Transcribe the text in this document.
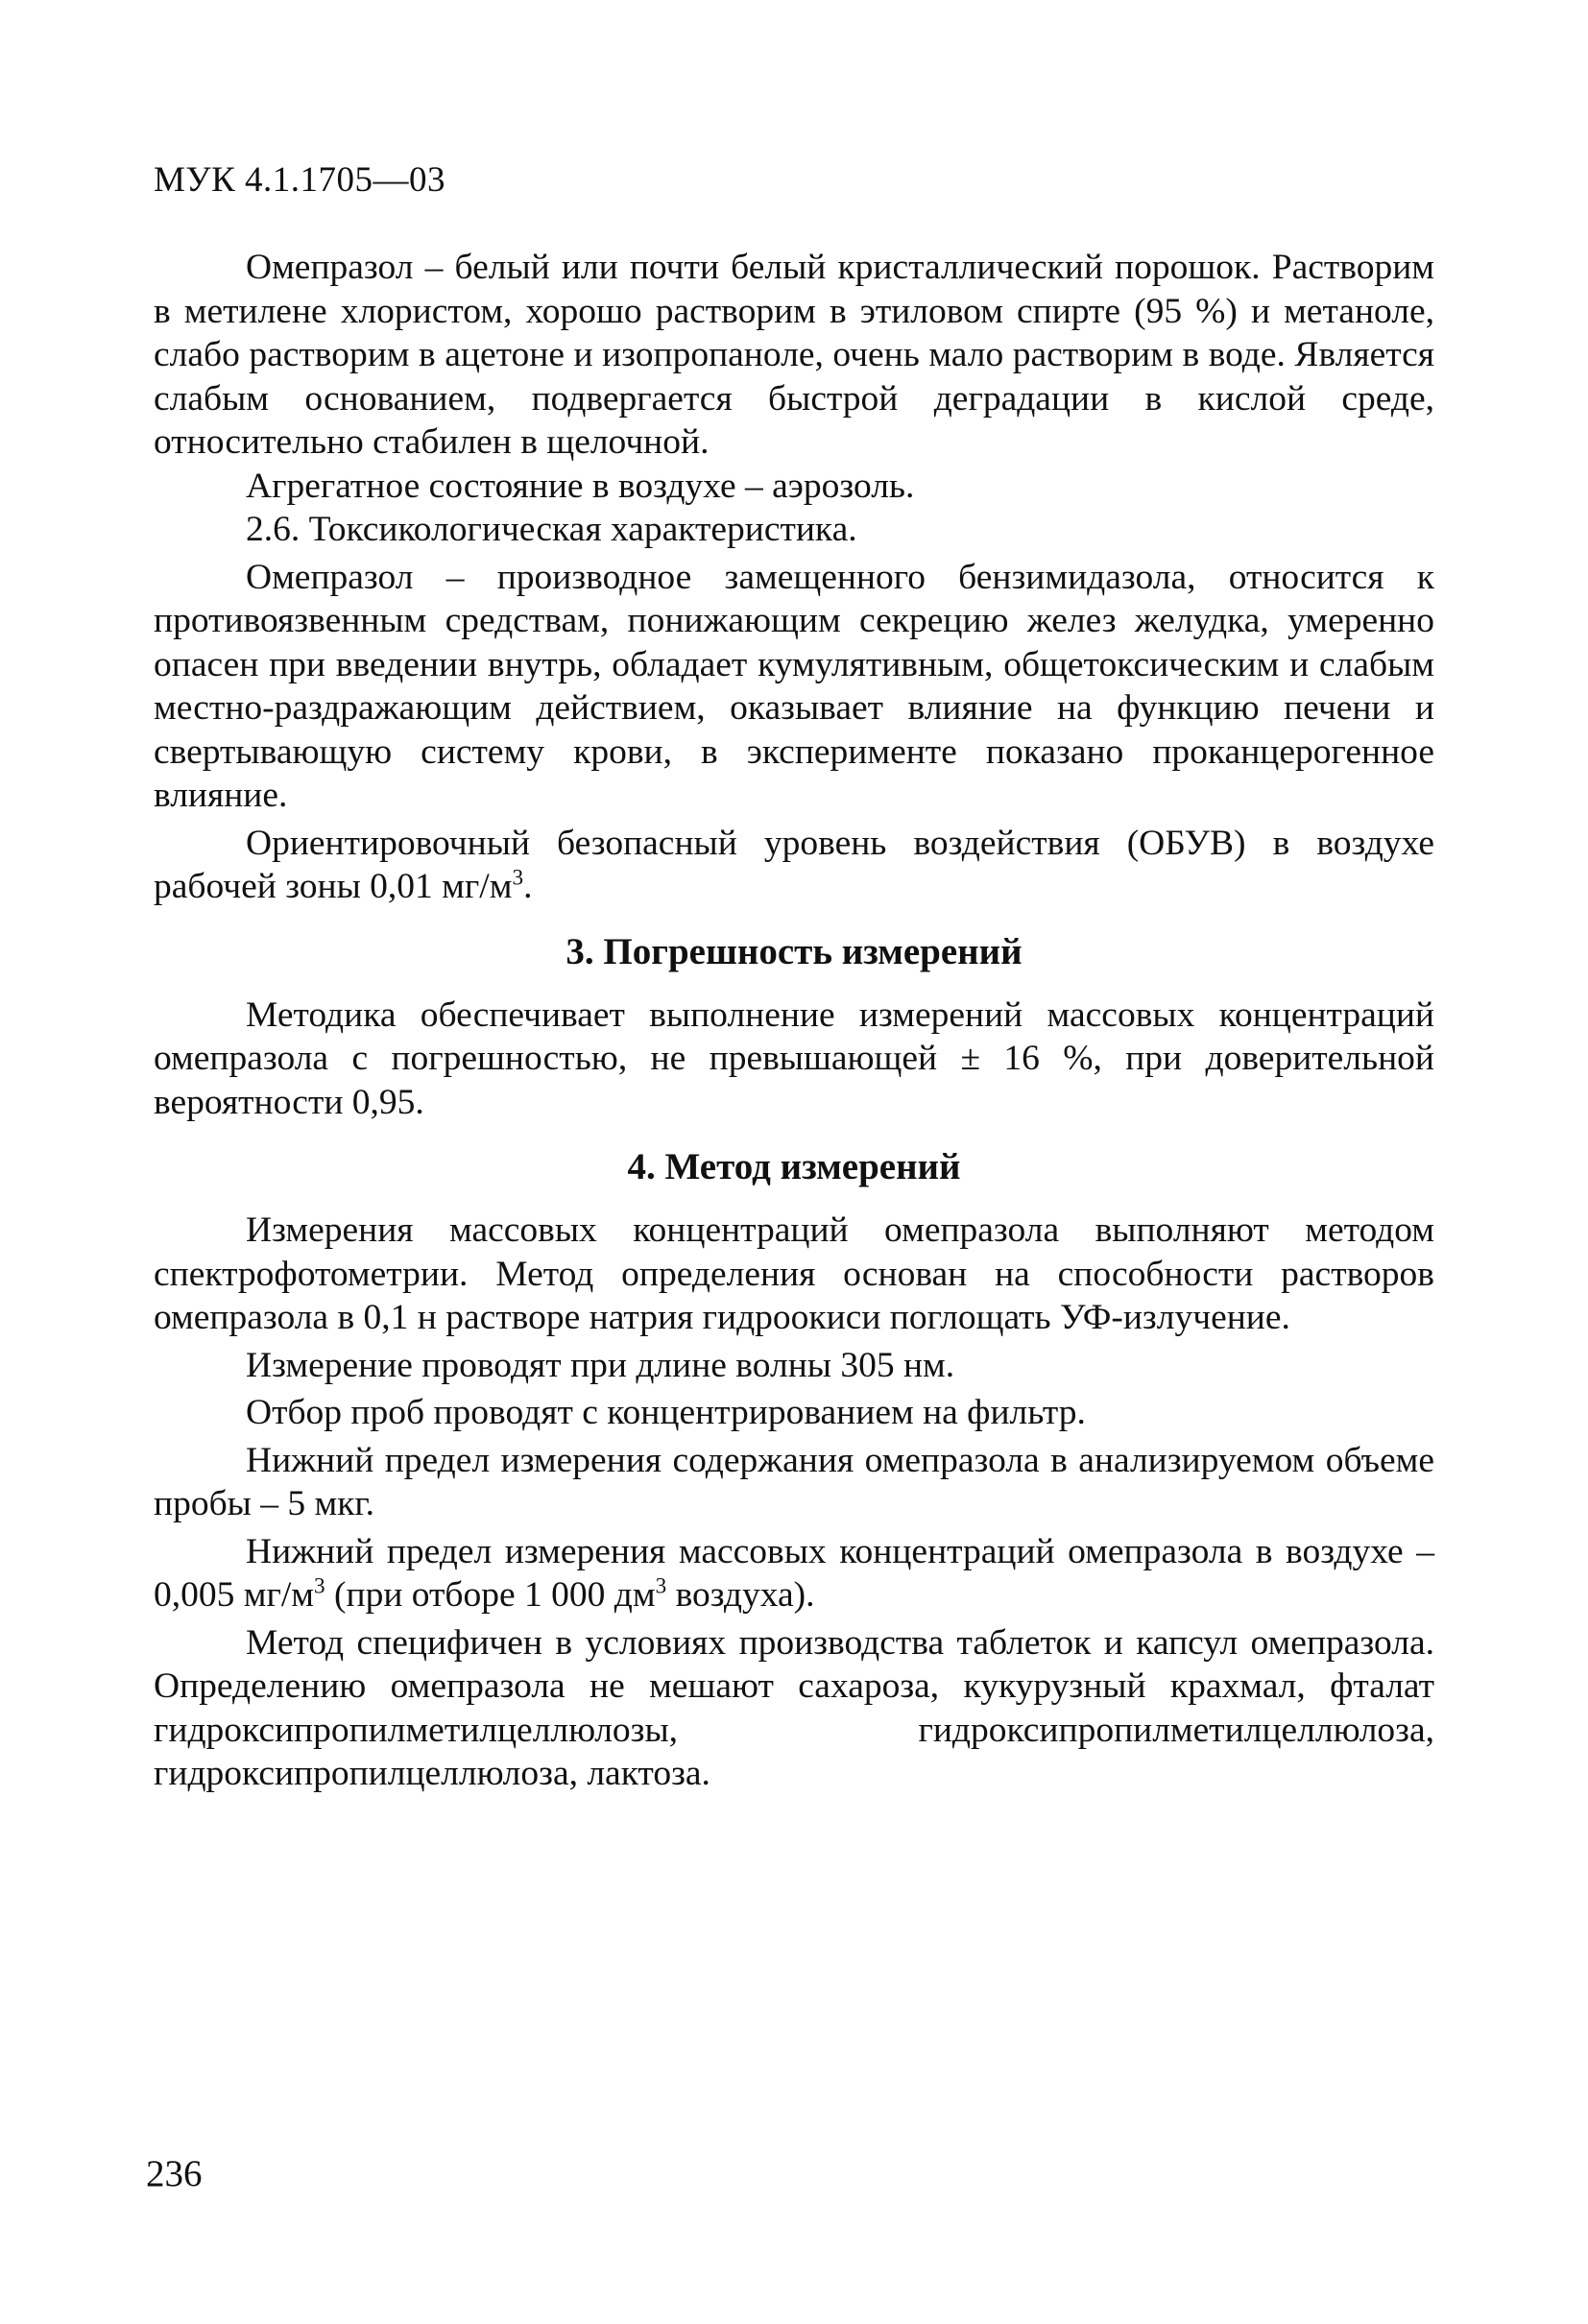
МУК 4.1.1705—03

Омепразол – белый или почти белый кристаллический порошок. Растворим в метилене хлористом, хорошо растворим в этиловом спирте (95 %) и метаноле, слабо растворим в ацетоне и изопропаноле, очень мало растворим в воде. Является слабым основанием, подвергается быстрой деградации в кислой среде, относительно стабилен в щелочной.

Агрегатное состояние в воздухе – аэрозоль.

2.6. Токсикологическая характеристика.

Омепразол – производное замещенного бензимидазола, относится к противоязвенным средствам, понижающим секрецию желез желудка, умеренно опасен при введении внутрь, обладает кумулятивным, общетоксическим и слабым местно-раздражающим действием, оказывает влияние на функцию печени и свертывающую систему крови, в эксперименте показано проканцерогенное влияние.

Ориентировочный безопасный уровень воздействия (ОБУВ) в воздухе рабочей зоны 0,01 $мг/м^3$.

3. Погрешность измерений

Методика обеспечивает выполнение измерений массовых концентраций омепразола с погрешностью, не превышающей ± 16 %, при доверительной вероятности 0,95.

4. Метод измерений

Измерения массовых концентраций омепразола выполняют методом спектрофотометрии. Метод определения основан на способности растворов омепразола в 0,1 н растворе натрия гидроокиси поглощать УФ-излучение.

Измерение проводят при длине волны 305 нм.

Отбор проб проводят с концентрированием на фильтр.

Нижний предел измерения содержания омепразола в анализируемом объеме пробы – 5 мкг.

Нижний предел измерения массовых концентраций омепразола в воздухе – 0,005 $мг/м^3$ (при отборе 1 000 $дм^3$ воздуха).

Метод специфичен в условиях производства таблеток и капсул омепразола. Определению омепразола не мешают сахароза, кукурузный крахмал, фталат гидроксипропилметилцеллюлозы, гидроксипропилметилцеллюлоза, гидроксипропилцеллюлоза, лактоза.

236
